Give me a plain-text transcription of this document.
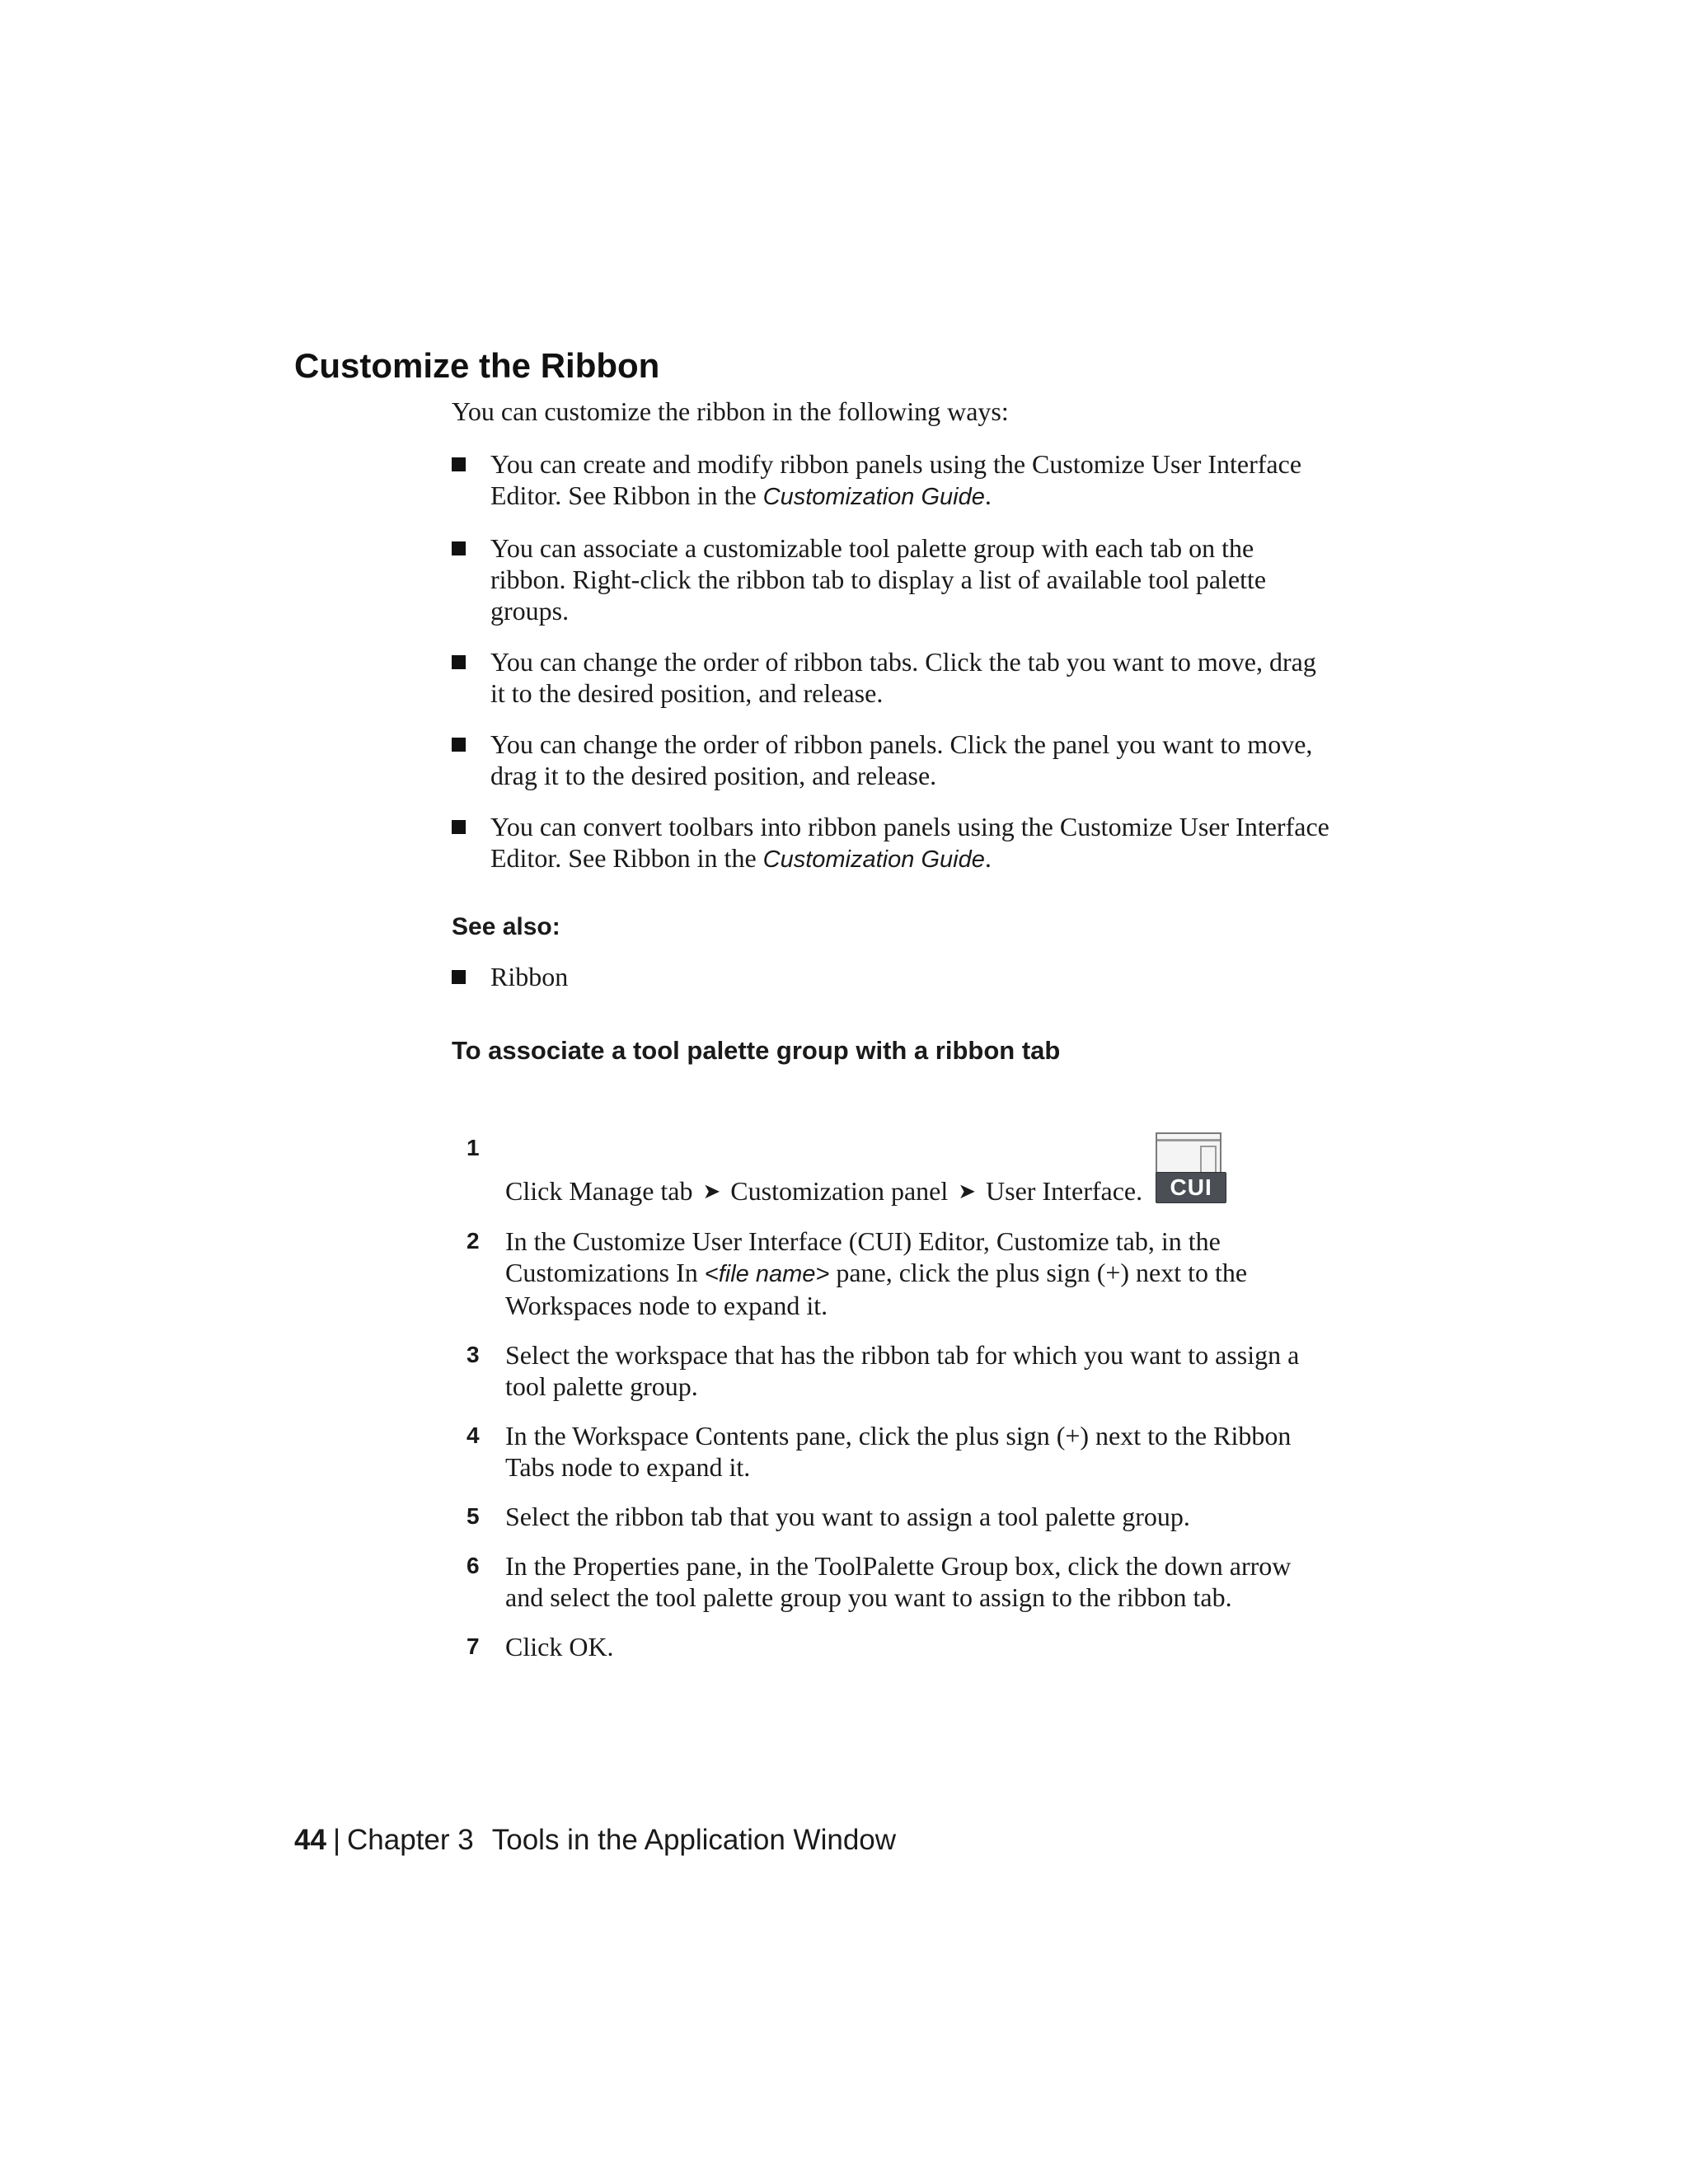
Customize the Ribbon

You can customize the ribbon in the following ways:

You can create and modify ribbon panels using the Customize User Interface Editor. See Ribbon in the Customization Guide.
You can associate a customizable tool palette group with each tab on the ribbon. Right-click the ribbon tab to display a list of available tool palette groups.
You can change the order of ribbon tabs. Click the tab you want to move, drag it to the desired position, and release.
You can change the order of ribbon panels. Click the panel you want to move, drag it to the desired position, and release.
You can convert toolbars into ribbon panels using the Customize User Interface Editor. See Ribbon in the Customization Guide.

See also:

Ribbon

To associate a tool palette group with a ribbon tab

1
Click Manage tab ➤ Customization panel ➤ User Interface.	CUI
2 In the Customize User Interface (CUI) Editor, Customize tab, in the Customizations In <file name> pane, click the plus sign (+) next to the Workspaces node to expand it.
3 Select the workspace that has the ribbon tab for which you want to assign a tool palette group.
4 In the Workspace Contents pane, click the plus sign (+) next to the Ribbon Tabs node to expand it.
5 Select the ribbon tab that you want to assign a tool palette group.
6 In the Properties pane, in the ToolPalette Group box, click the down arrow and select the tool palette group you want to assign to the ribbon tab.
7 Click OK.
44 | Chapter 3 Tools in the Application Window
